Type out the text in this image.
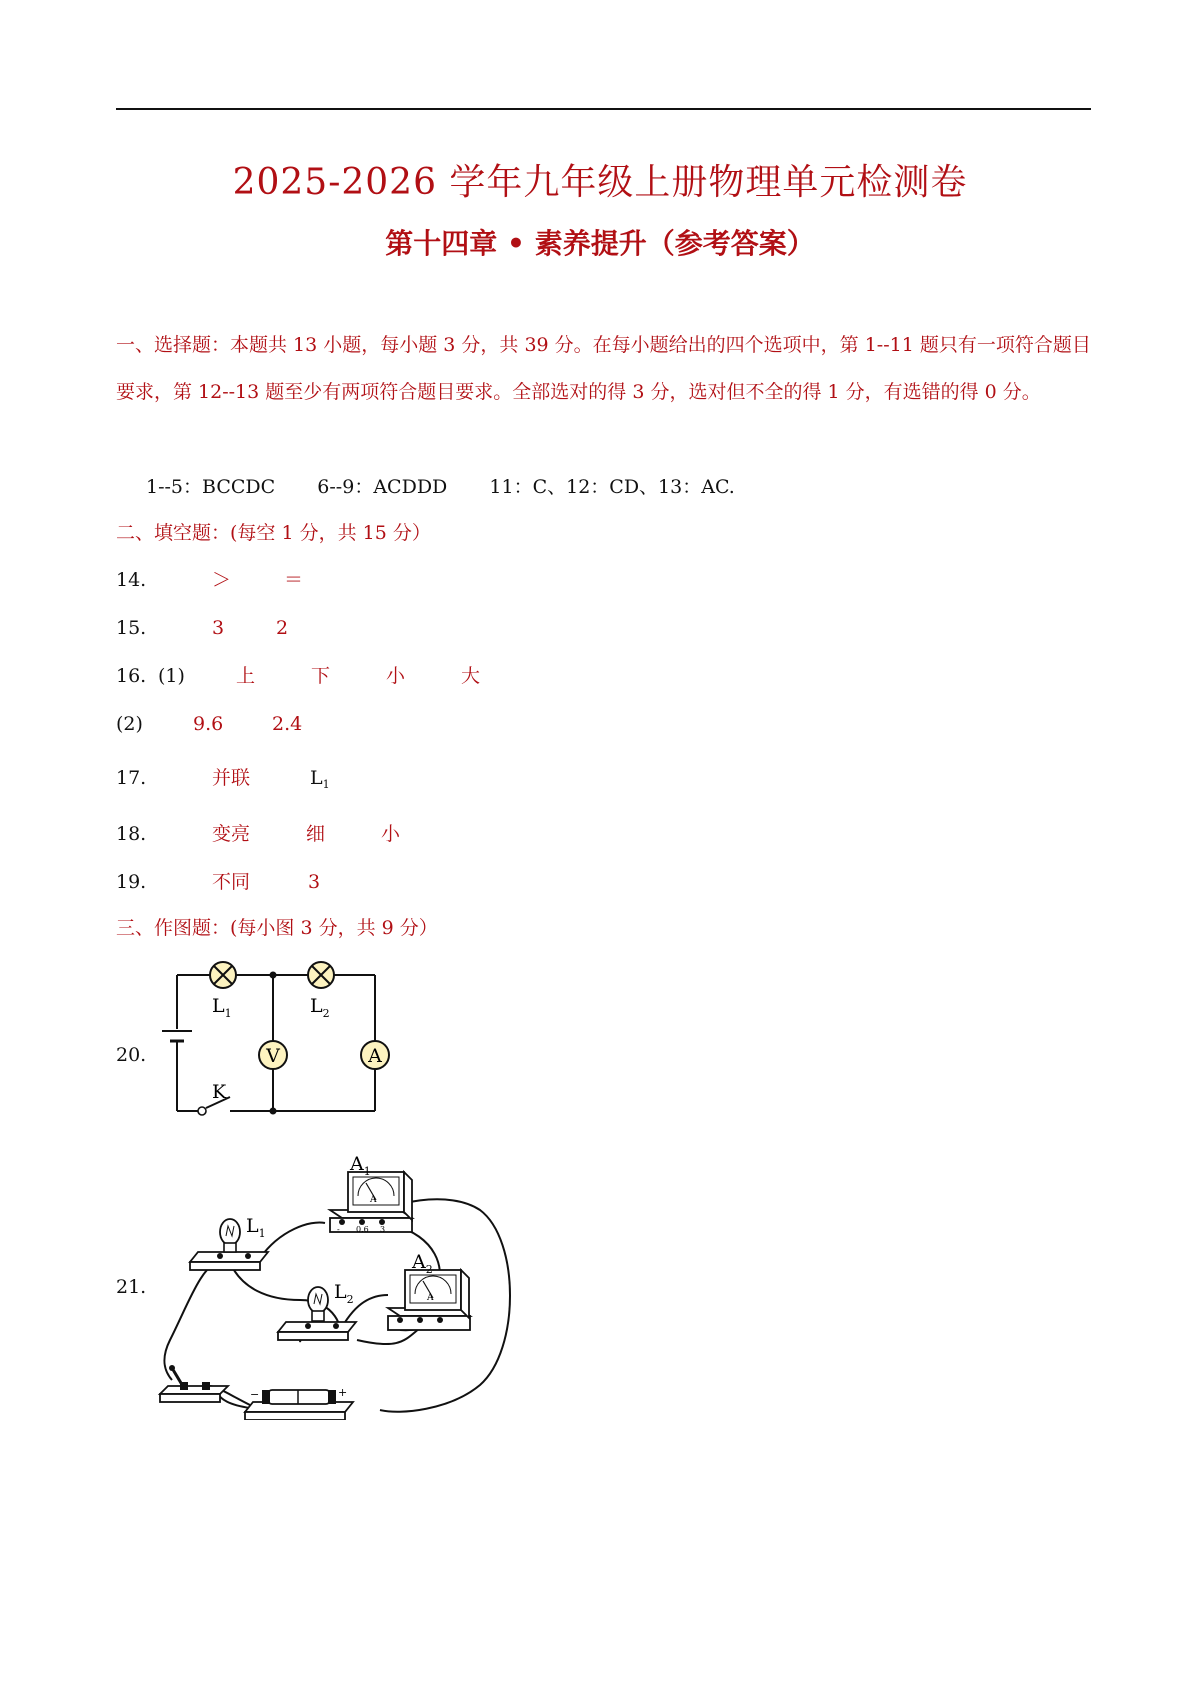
2025-2026 学年九年级上册物理单元检测卷
第十四章 • 素养提升（参考答案）
一、选择题：本题共 13 小题，每小题 3 分，共 39 分。在每小题给出的四个选项中，第 1--11 题只有一项符合题目要求，第 12--13 题至少有两项符合题目要求。全部选对的得 3 分，选对但不全的得 1 分，有选错的得 0 分。
1--5：BCCDC 6--9：ACDDD 11：C、12：CD、13：AC.
二、填空题：(每空 1 分，共 15 分）
14.	＞	＝
15.	3	2
16. (1)	上	下	小	大
(2)	9.6	2.4
17.	并联	$L_1$
18.	变亮	细	小
19.	不同	3
三、作图题：(每小图 3 分，共 9 分）
20.	V	A
$L_1$	$L_2$
K
21.
A
- 0.6 3
$A_1$
A
$A_2$
$L_1$
$L_2$
−	+
